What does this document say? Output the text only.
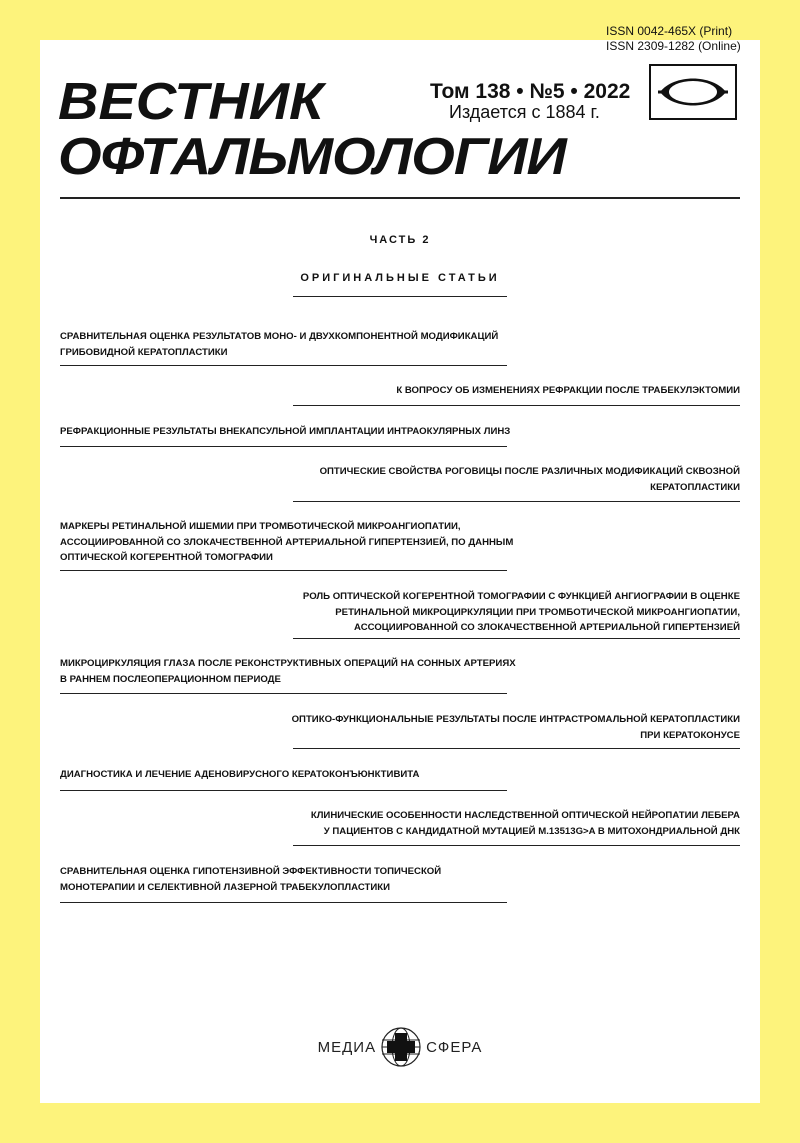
ISSN 0042-465X (Print)
ISSN 2309-1282 (Online)
ВЕСТНИК
ОФТАЛЬМОЛОГИИ
Том 138 • №5 • 2022
Издается с 1884 г.
ЧАСТЬ 2
ОРИГИНАЛЬНЫЕ СТАТЬИ
СРАВНИТЕЛЬНАЯ ОЦЕНКА РЕЗУЛЬТАТОВ МОНО- И ДВУХКОМПОНЕНТНОЙ МОДИФИКАЦИЙ
ГРИБОВИДНОЙ КЕРАТОПЛАСТИКИ
К ВОПРОСУ ОБ ИЗМЕНЕНИЯХ РЕФРАКЦИИ ПОСЛЕ ТРАБЕКУЛЭКТОМИИ
РЕФРАКЦИОННЫЕ РЕЗУЛЬТАТЫ ВНЕКАПСУЛЬНОЙ ИМПЛАНТАЦИИ ИНТРАОКУЛЯРНЫХ ЛИНЗ
ОПТИЧЕСКИЕ СВОЙСТВА РОГОВИЦЫ ПОСЛЕ РАЗЛИЧНЫХ МОДИФИКАЦИЙ СКВОЗНОЙ
КЕРАТОПЛАСТИКИ
МАРКЕРЫ РЕТИНАЛЬНОЙ ИШЕМИИ ПРИ ТРОМБОТИЧЕСКОЙ МИКРОАНГИОПАТИИ,
АССОЦИИРОВАННОЙ СО ЗЛОКАЧЕСТВЕННОЙ АРТЕРИАЛЬНОЙ ГИПЕРТЕНЗИЕЙ, ПО ДАННЫМ
ОПТИЧЕСКОЙ КОГЕРЕНТНОЙ ТОМОГРАФИИ
РОЛЬ ОПТИЧЕСКОЙ КОГЕРЕНТНОЙ ТОМОГРАФИИ С ФУНКЦИЕЙ АНГИОГРАФИИ В ОЦЕНКЕ
РЕТИНАЛЬНОЙ МИКРОЦИРКУЛЯЦИИ ПРИ ТРОМБОТИЧЕСКОЙ МИКРОАНГИОПАТИИ,
АССОЦИИРОВАННОЙ СО ЗЛОКАЧЕСТВЕННОЙ АРТЕРИАЛЬНОЙ ГИПЕРТЕНЗИЕЙ
МИКРОЦИРКУЛЯЦИЯ ГЛАЗА ПОСЛЕ РЕКОНСТРУКТИВНЫХ ОПЕРАЦИЙ НА СОННЫХ АРТЕРИЯХ
В РАННЕМ ПОСЛЕОПЕРАЦИОННОМ ПЕРИОДЕ
ОПТИКО-ФУНКЦИОНАЛЬНЫЕ РЕЗУЛЬТАТЫ ПОСЛЕ ИНТРАСТРОМАЛЬНОЙ КЕРАТОПЛАСТИКИ
ПРИ КЕРАТОКОНУСЕ
ДИАГНОСТИКА И ЛЕЧЕНИЕ АДЕНОВИРУСНОГО КЕРАТОКОНЪЮНКТИВИТА
КЛИНИЧЕСКИЕ ОСОБЕННОСТИ НАСЛЕДСТВЕННОЙ ОПТИЧЕСКОЙ НЕЙРОПАТИИ ЛЕБЕРА
У ПАЦИЕНТОВ С КАНДИДАТНОЙ МУТАЦИЕЙ M.13513G>A В МИТОХОНДРИАЛЬНОЙ ДНК
СРАВНИТЕЛЬНАЯ ОЦЕНКА ГИПОТЕНЗИВНОЙ ЭФФЕКТИВНОСТИ ТОПИЧЕСКОЙ
МОНОТЕРАПИИ И СЕЛЕКТИВНОЙ ЛАЗЕРНОЙ ТРАБЕКУЛОПЛАСТИКИ
МЕДИА	СФЕРА
